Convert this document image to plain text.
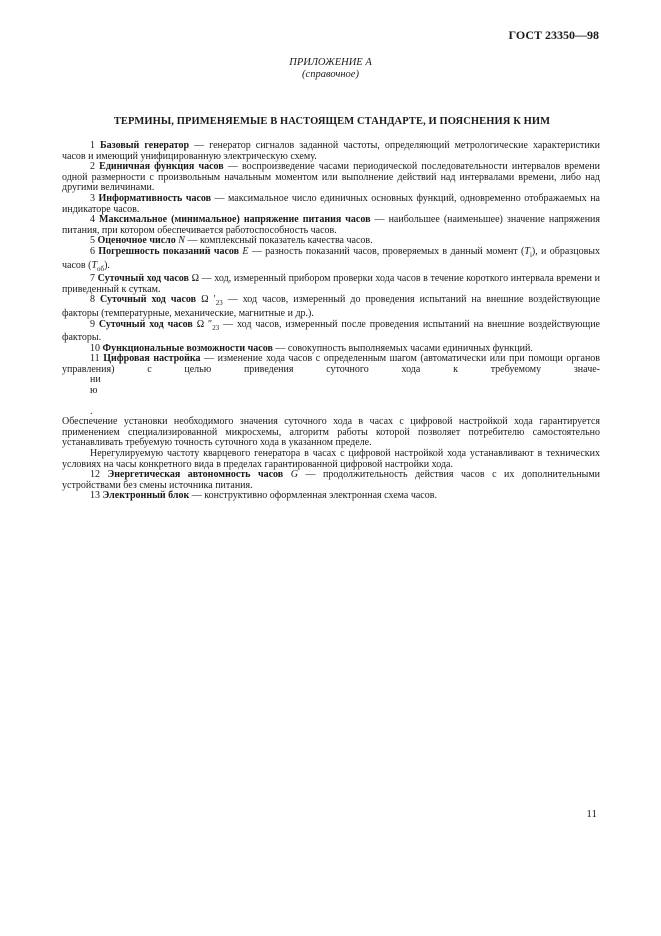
ГОСТ 23350—98
ПРИЛОЖЕНИЕ А
(справочное)
ТЕРМИНЫ, ПРИМЕНЯЕМЫЕ В НАСТОЯЩЕМ СТАНДАРТЕ, И ПОЯСНЕНИЯ К НИМ

1 Базовый генератор — генератор сигналов заданной частоты, определяющий метрологические характеристики часов и имеющий унифицированную электрическую схему.

2 Единичная функция часов — воспроизведение часами периодической последовательности интервалов времени одной размерности с произвольным начальным моментом или выполнение действий над интервалами времени, либо над другими величинами.

3 Информативность часов — максимальное число единичных основных функций, одновременно отображаемых на индикаторе часов.

4 Максимальное (минимальное) напряжение питания часов — наибольшее (наименьшее) значение напряжения питания, при котором обеспечивается работоспособность часов.

5 Оценочное число N — комплексный показатель качества часов.

6 Погрешность показаний часов E — разность показаний часов, проверяемых в данный момент $(T_i)$, и образцовых часов $(T_{об})$.

7 Суточный ход часов Ω — ход, измеренный прибором проверки хода часов в течение короткого интервала времени и приведенный к суткам.

8 Суточный ход часов Ω $'_{23}$ — ход часов, измеренный до проведения испытаний на внешние воздействующие факторы (температурные, механические, магнитные и др.).

9 Суточный ход часов Ω $''_{23}$ — ход часов, измеренный после проведения испытаний на внешние воздействующие факторы.

10 Функциональные возможности часов — совокупность выполняемых часами единичных функций.

11 Цифровая настройка — изменение хода часов с определенным шагом (автоматически или при помощи органов управления) с целью приведения суточного хода к требуемому значе-

ни

ю

.

Обеспечение установки необходимого значения суточного хода в часах с цифровой настройкой хода гарантируется применением специализированной микросхемы, алгоритм работы которой позволяет потребителю самостоятельно устанавливать требуемую точность суточного хода в указанном пределе.

Нерегулируемую частоту кварцевого генератора в часах с цифровой настройкой хода устанавливают в технических условиях на часы конкретного вида в пределах гарантированной цифровой настройки хода.

12 Энергетическая автономность часов G — продолжительность действия часов с их дополнительными устройствами без смены источника питания.

13 Электронный блок — конструктивно оформленная электронная схема часов.

11
